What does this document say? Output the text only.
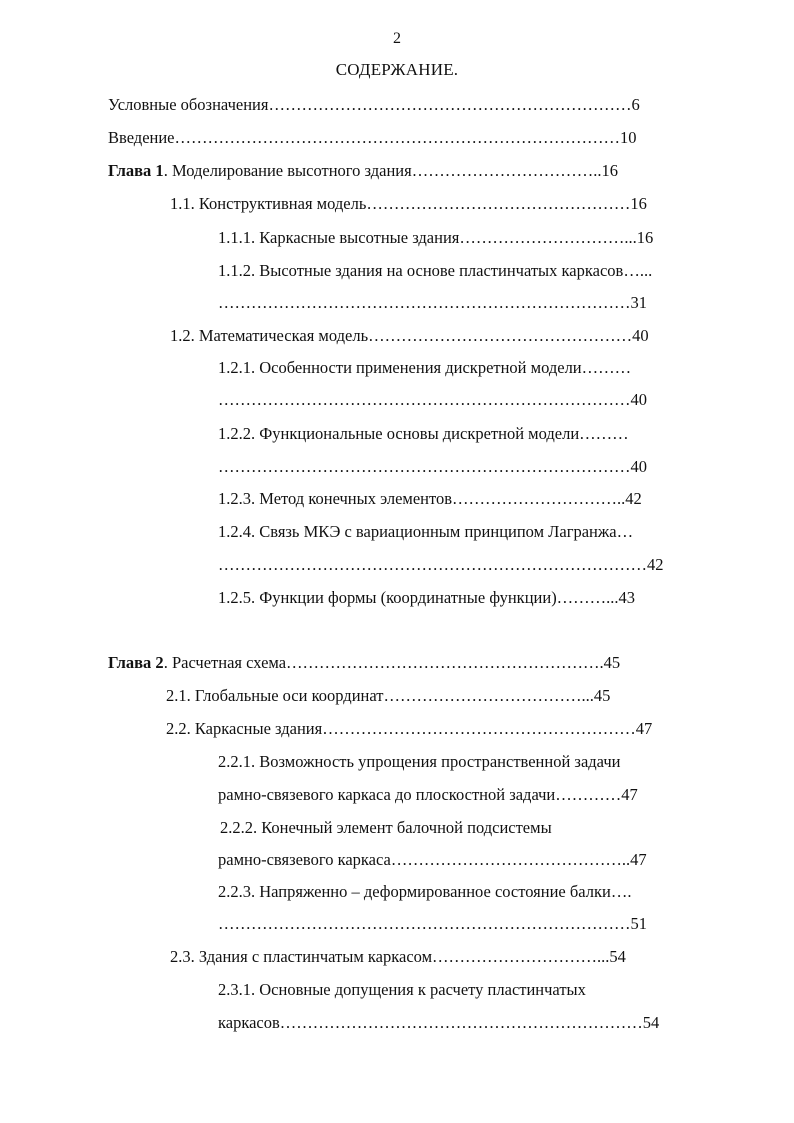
2
СОДЕРЖАНИЕ.
Условные обозначения…………………………………………………………6
Введение………………………………………………………………………10
Глава 1. Моделирование высотного здания……………………………..16
1.1. Конструктивная модель…………………………………………16
1.1.1. Каркасные высотные здания…………………………...16
1.1.2. Высотные здания на основе пластинчатых каркасов…...
…………………………………………………………………31
1.2. Математическая модель…………………………………………40
1.2.1. Особенности применения дискретной модели………
…………………………………………………………………40
1.2.2. Функциональные основы дискретной модели………
…………………………………………………………………40
1.2.3. Метод конечных элементов…………………………..42
1.2.4. Связь МКЭ с вариационным принципом Лагранжа…
……………………………………………………………………42
1.2.5. Функции формы (координатные функции)………...43
Глава 2. Расчетная схема………………………………………………….45
2.1. Глобальные оси координат………………………………...45
2.2. Каркасные здания…………………………………………………47
2.2.1. Возможность упрощения пространственной задачи
рамно-связевого каркаса до плоскостной задачи…………47
2.2.2. Конечный элемент балочной подсистемы
рамно-связевого каркаса……………………………………..47
2.2.3. Напряженно – деформированное состояние балки….
…………………………………………………………………51
2.3. Здания с пластинчатым каркасом…………………………...54
2.3.1. Основные допущения к расчету пластинчатых
каркасов…………………………………………………………54
